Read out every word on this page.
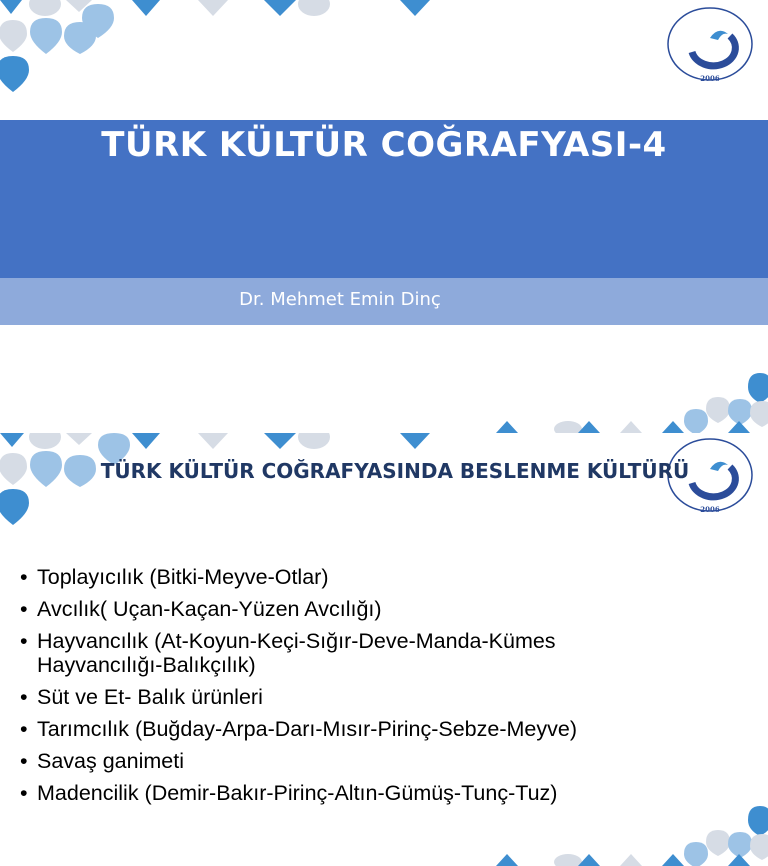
2006
TÜRK KÜLTÜR COĞRAFYASI-4
Dr. Mehmet Emin Dinç
2006
TÜRK KÜLTÜR COĞRAFYASINDA BESLENME KÜLTÜRÜ
• Toplayıcılık (Bitki-Meyve-Otlar)
• Avcılık( Uçan-Kaçan-Yüzen Avcılığı)
• Hayvancılık (At-Koyun-Keçi-Sığır-Deve-Manda-Kümes Hayvancılığı-Balıkçılık)
• Süt ve Et- Balık ürünleri
• Tarımcılık (Buğday-Arpa-Darı-Mısır-Pirinç-Sebze-Meyve)
• Savaş ganimeti
• Madencilik (Demir-Bakır-Pirinç-Altın-Gümüş-Tunç-Tuz)
